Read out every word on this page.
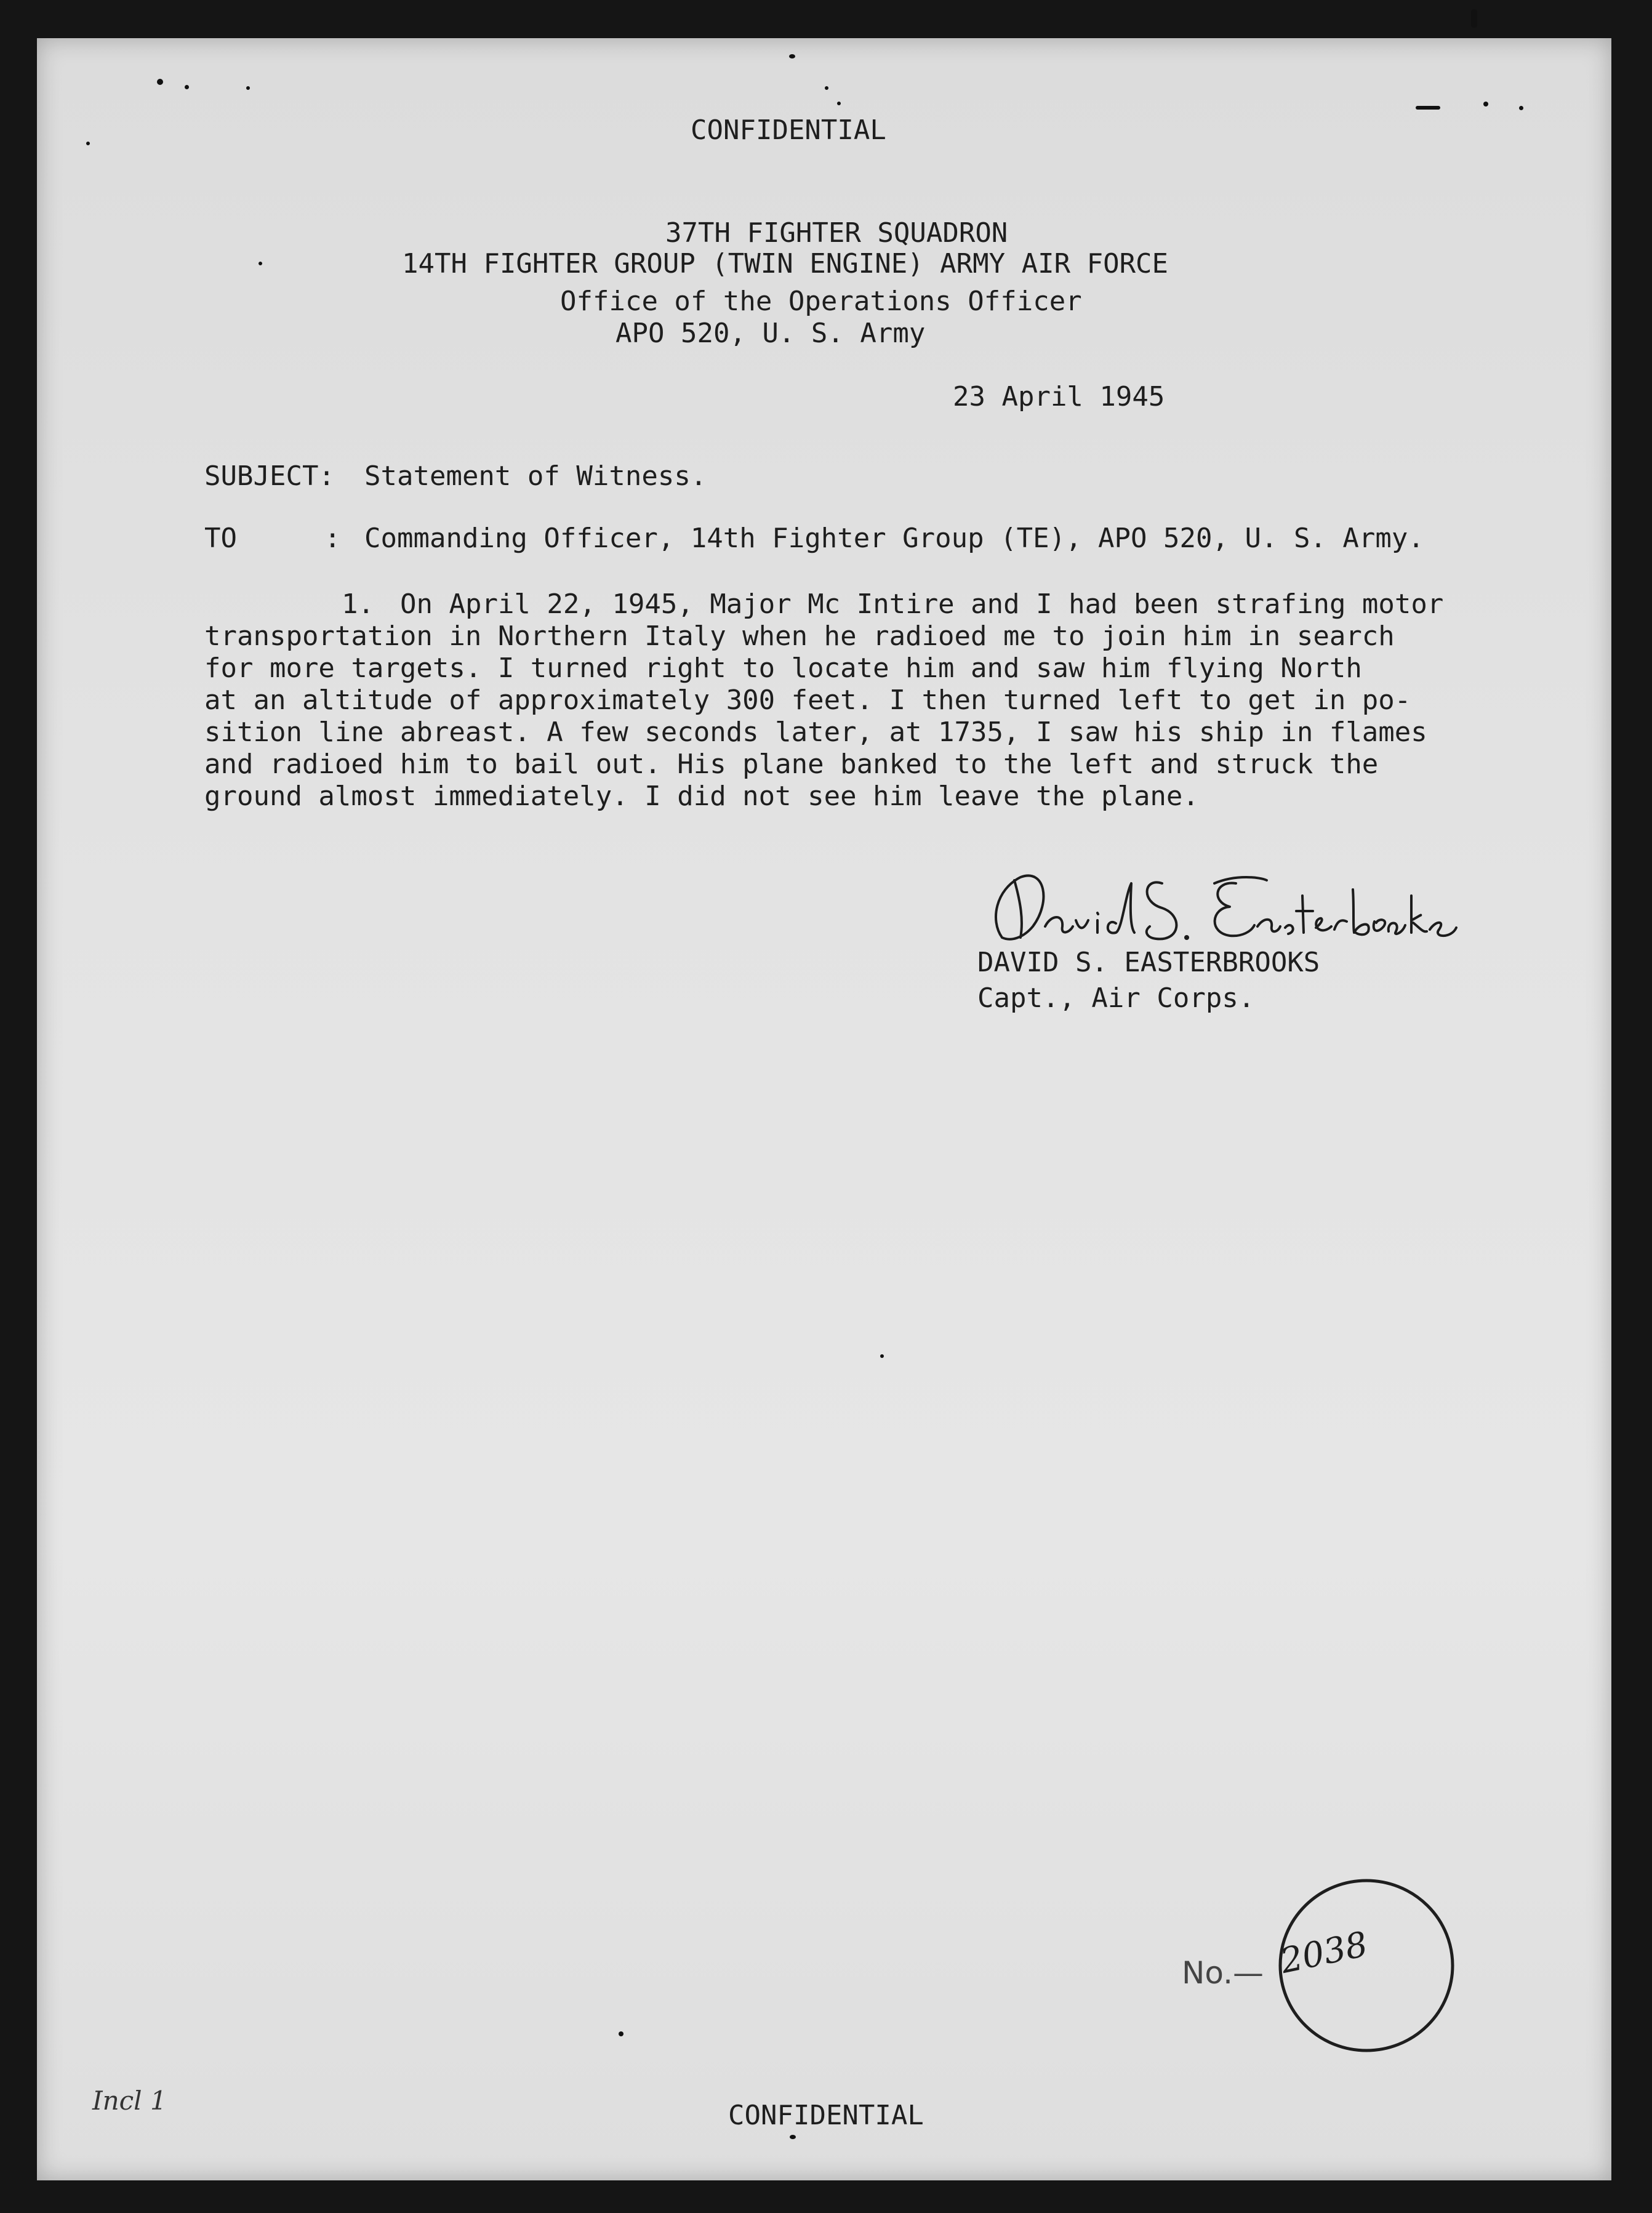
CONFIDENTIAL
37TH FIGHTER SQUADRON
14TH FIGHTER GROUP (TWIN ENGINE) ARMY AIR FORCE
Office of the Operations Officer
APO 520, U. S. Army
23 April 1945
SUBJECT: Statement of Witness.
TO	: Commanding Officer, 14th Fighter Group (TE), APO 520, U. S. Army.
1. On April 22, 1945, Major Mc Intire and I had been strafing motor
transportation in Northern Italy when he radioed me to join him in search
for more targets. I turned right to locate him and saw him flying North
at an altitude of approximately 300 feet. I then turned left to get in po-
sition line abreast. A few seconds later, at 1735, I saw his ship in flames
and radioed him to bail out. His plane banked to the left and struck the
ground almost immediately. I did not see him leave the plane.
DAVID S. EASTERBROOKS
Capt., Air Corps.
No.— 2038
Incl 1	CONFIDENTIAL
